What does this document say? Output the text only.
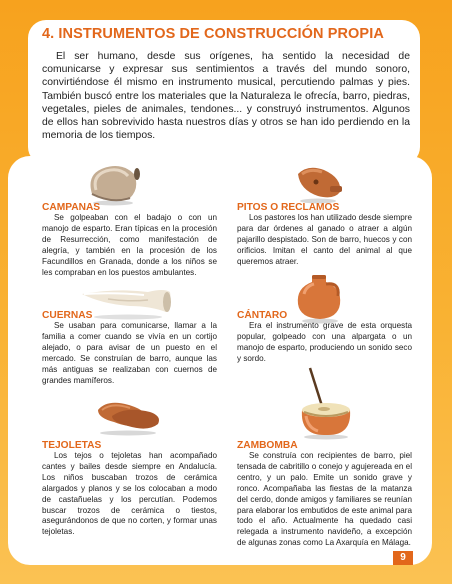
4. INSTRUMENTOS DE CONSTRUCCIÓN PROPIA

El ser humano, desde sus orígenes, ha sentido la necesidad de comunicarse y expresar sus sentimientos a través del mundo sonoro, convirtiéndose él mismo en instrumento musical, percutiendo palmas y pies. También buscó entre los materiales que la Naturaleza le ofrecía, barro, piedras, vegetales, pieles de animales, tendones... y construyó instrumentos. Algunos de ellos han sobrevivido hasta nuestros días y otros se han ido perdiendo en la memoria de los tiempos.

CAMPANAS

Se golpeaban con el badajo o con un manojo de esparto. Eran típicas en la procesión de Resurrección, como manifestación de alegría, y también en la procesión de los Facundillos en Granada, donde a los niños se les compraban en los puestos ambulantes.

CUERNAS

Se usaban para comunicarse, llamar a la familia a comer cuando se vivía en un cortijo alejado, o para avisar de un puesto en el mercado. Se construían de barro, aunque las más antiguas se realizaban con cuernos de grandes mamíferos.

TEJOLETAS

Los tejos o tejoletas han acompañado cantes y bailes desde siempre en Andalucía. Los niños buscaban trozos de cerámica alargados y planos y se los colocaban a modo de castañuelas y los percutían. Podemos buscar trozos de cerámica o tiestos, asegurándonos de que no corten, y formar unas tejoletas.

PITOS O RECLAMOS

Los pastores los han utilizado desde siempre para dar órdenes al ganado o atraer a algún pajarillo despistado. Son de barro, huecos y con orificios. Imitan el canto del animal al que queremos atraer.

CÁNTARO

Era el instrumento grave de esta orquesta popular, golpeado con una alpargata o un manojo de esparto, produciendo un sonido seco y sordo.

ZAMBOMBA

Se construía con recipientes de barro, piel tensada de cabritillo o conejo y agujereada en el centro, y un palo. Emite un sonido grave y ronco. Acompañaba las fiestas de la matanza del cerdo, donde amigos y familiares se reunían para elaborar los embutidos de este animal para todo el año. Actualmente ha quedado casi relegada a instrumento navideño, a excepción de algunas zonas como La Axarquía en Málaga.

9
